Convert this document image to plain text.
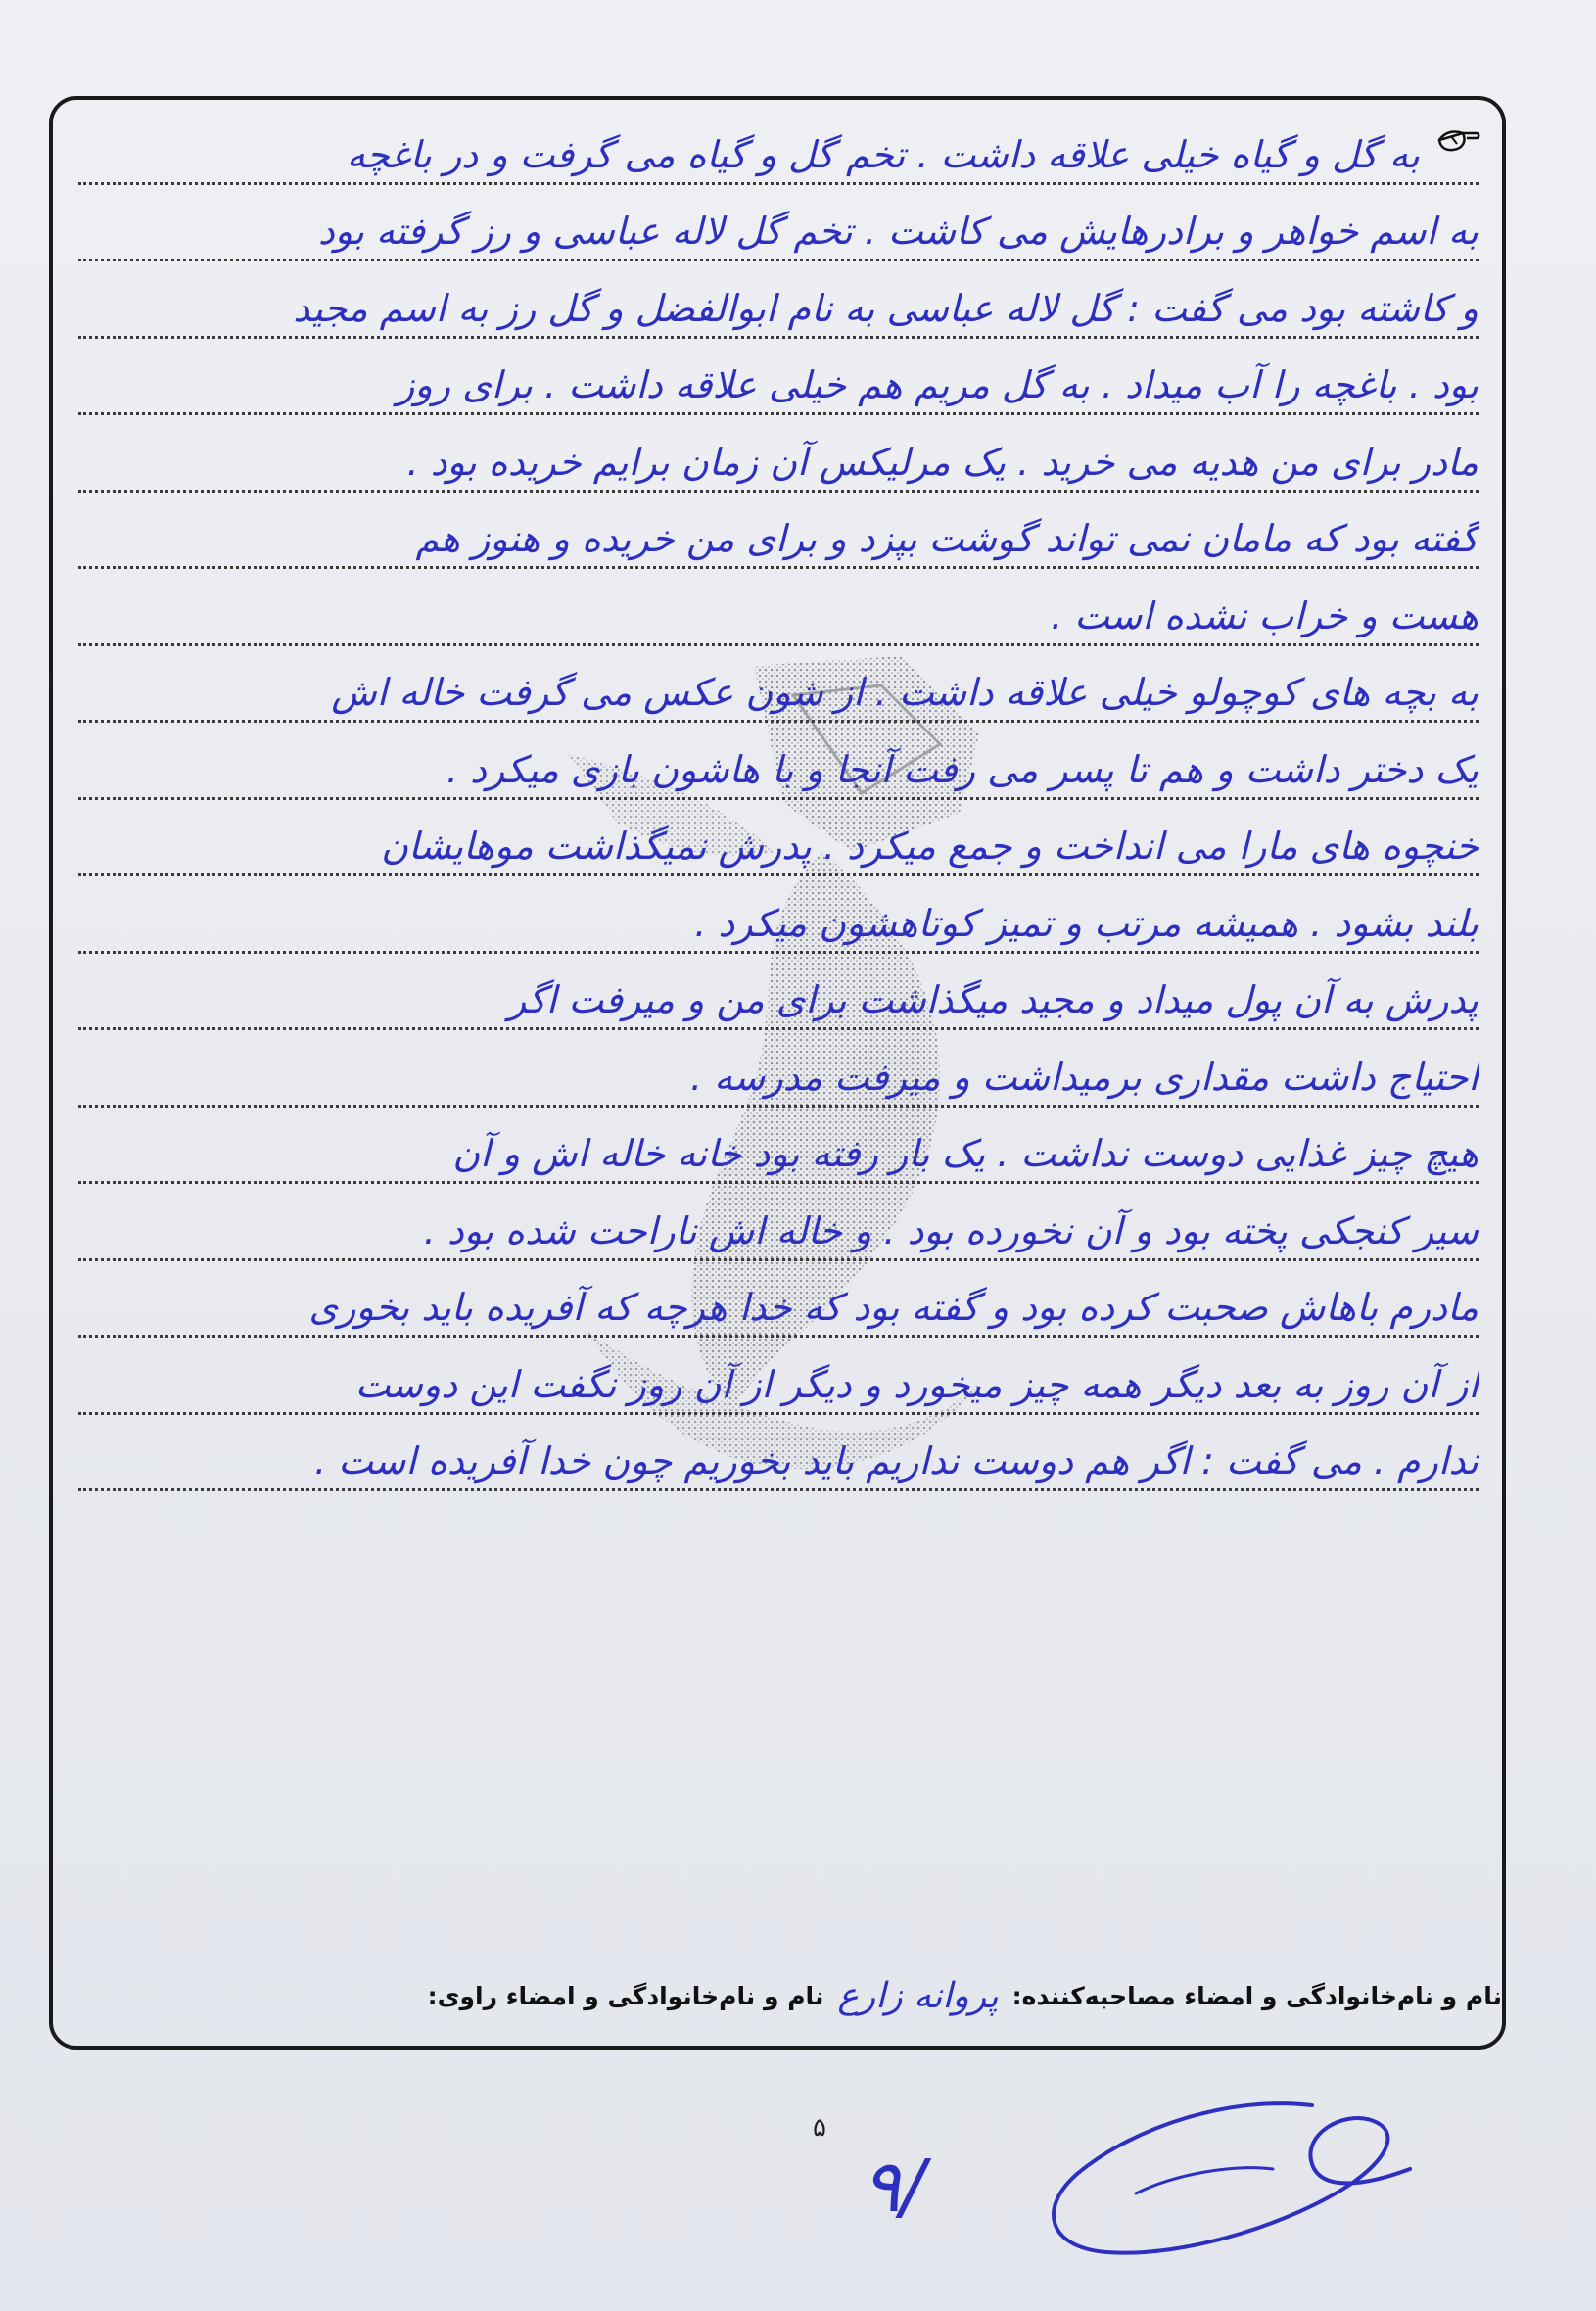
به گل و گیاه خیلی علاقه داشت . تخم گل و گیاه می گرفت و در باغچه
به اسم خواهر و برادرهایش می کاشت . تخم گل لاله عباسی و رز گرفته بود
و کاشته بود می گفت : گل لاله عباسی به نام ابوالفضل و گل رز به اسم مجید
بود . باغچه را آب میداد . به گل مریم هم خیلی علاقه داشت . برای روز
مادر برای من هدیه می خرید . یک مرلیکس آن زمان برایم خریده بود .
گفته بود که مامان نمی تواند گوشت بپزد و برای من خریده و هنوز هم
هست و خراب نشده است .
به بچه های کوچولو خیلی علاقه داشت . از شون عکس می گرفت خاله اش
یک دختر داشت و هم تا پسر می رفت آنجا و با هاشون بازی میکرد .
خنچوه های مارا می انداخت و جمع میکرد . پدرش نمیگذاشت موهایشان
بلند بشود . همیشه مرتب و تمیز کوتاهشون میکرد .
پدرش به آن پول میداد و مجید میگذاشت برای من و میرفت اگر
احتیاج داشت مقداری برمیداشت و میرفت مدرسه .
هیچ چیز غذایی دوست نداشت . یک بار رفته بود خانه خاله اش و آن
سیر کنجکی پخته بود و آن نخورده بود . و خاله اش ناراحت شده بود .
مادرم باهاش صحبت کرده بود و گفته بود که خدا هرچه که آفریده باید بخوری
از آن روز به بعد دیگر همه چیز میخورد و دیگر از آن روز نگفت این دوست
ندارم . می گفت : اگر هم دوست نداریم باید بخوریم چون خدا آفریده است .
نام و نام‌خانوادگی و امضاء مصاحبه‌کننده:
پروانه زارع
نام و نام‌خانوادگی و امضاء راوی:
۵
۹/
